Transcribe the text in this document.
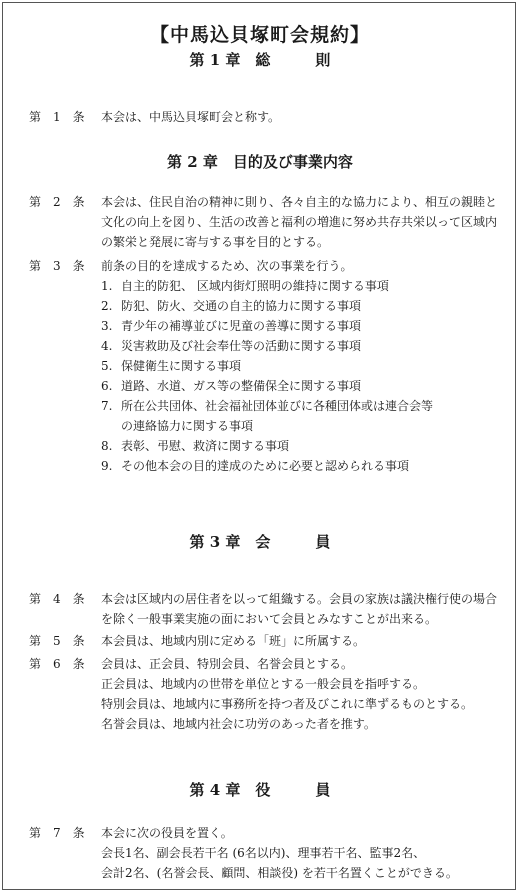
【中馬込貝塚町会規約】
第 1 章　総　　　則
第　1　条	本会は、中馬込貝塚町会と称す。

第 2 章　目的及び事業内容
第　2　条	本会は、住民自治の精神に則り、各々自主的な協力により、相互の親睦と文化の向上を図り、生活の改善と福利の増進に努め共存共栄以って区域内の繁栄と発展に寄与する事を目的とする。

第　3　条	前条の目的を達成するため、次の事業を行う。

1. 自主的防犯、 区域内街灯照明の維持に関する事項
2. 防犯、防火、交通の自主的協力に関する事項
3. 青少年の補導並びに児童の善導に関する事項
4. 災害救助及び社会奉仕等の活動に関する事項
5. 保健衛生に関する事項
6. 道路、水道、ガス等の整備保全に関する事項
7. 所在公共団体、社会福祉団体並びに各種団体或は連合会等の連絡協力に関する事項
8. 表彰、弔慰、救済に関する事項
9. その他本会の目的達成のために必要と認められる事項
第 3 章　会　　　員
第　4　条	本会は区域内の居住者を以って組織する。会員の家族は議決権行使の場合を除く一般事業実施の面において会員とみなすことが出来る。

第　5　条	本会員は、地域内別に定める「班」に所属する。

第　6　条	会員は、正会員、特別会員、名誉会員とする。
正会員は、地域内の世帯を単位とする一般会員を指呼する。
特別会員は、地域内に事務所を持つ者及びこれに準ずるものとする。
名誉会員は、地域内社会に功労のあった者を推す。
第 4 章　役　　　員
第　7　条	本会に次の役員を置く。
会長1名、副会長若干名 (6名以内)、理事若干名、監事2名、
会計2名、(名誉会長、顧問、相談役) を若干名置くことができる。
